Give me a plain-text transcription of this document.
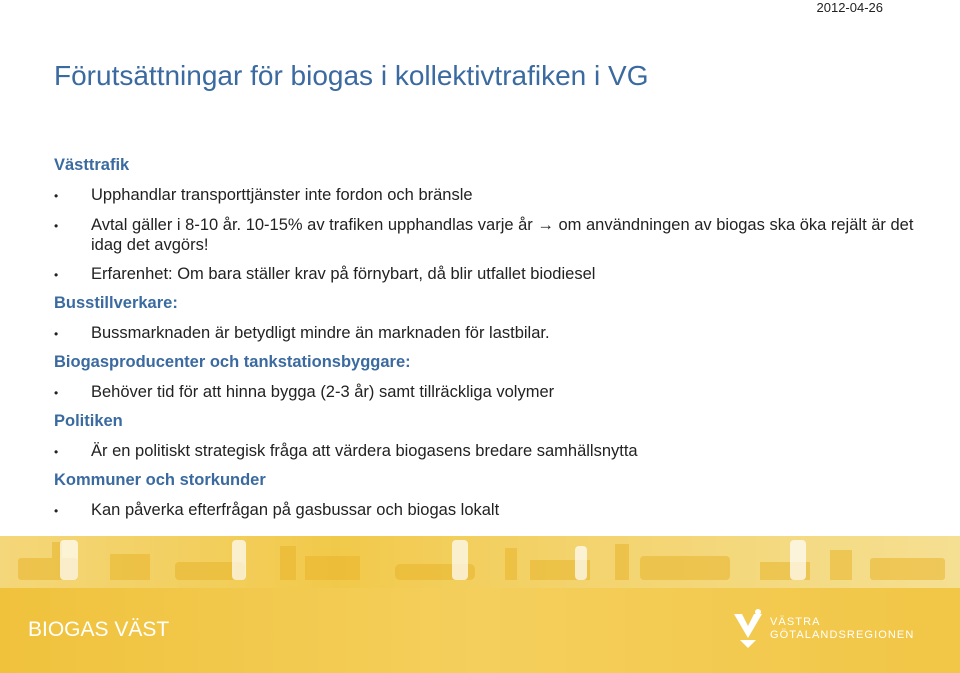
2012-04-26
Förutsättningar för biogas i kollektivtrafiken i VG
Västtrafik
•	Upphandlar transporttjänster inte fordon och bränsle
•	Avtal gäller i 8-10 år. 10-15% av trafiken upphandlas varje år → om användningen av biogas ska öka rejält är det idag det avgörs!
•	Erfarenhet: Om bara ställer krav på förnybart, då blir utfallet biodiesel
Busstillverkare:
•	Bussmarknaden är betydligt mindre än marknaden för lastbilar.
Biogasproducenter och tankstationsbyggare:
•	Behöver tid för att hinna bygga (2-3 år) samt tillräckliga volymer
Politiken
•	Är en politiskt strategisk fråga att värdera biogasens bredare samhällsnytta
Kommuner och storkunder
•	Kan påverka efterfrågan på gasbussar och biogas lokalt
BIOGAS VÄST	VÄSTRA
GÖTALANDSREGIONEN
